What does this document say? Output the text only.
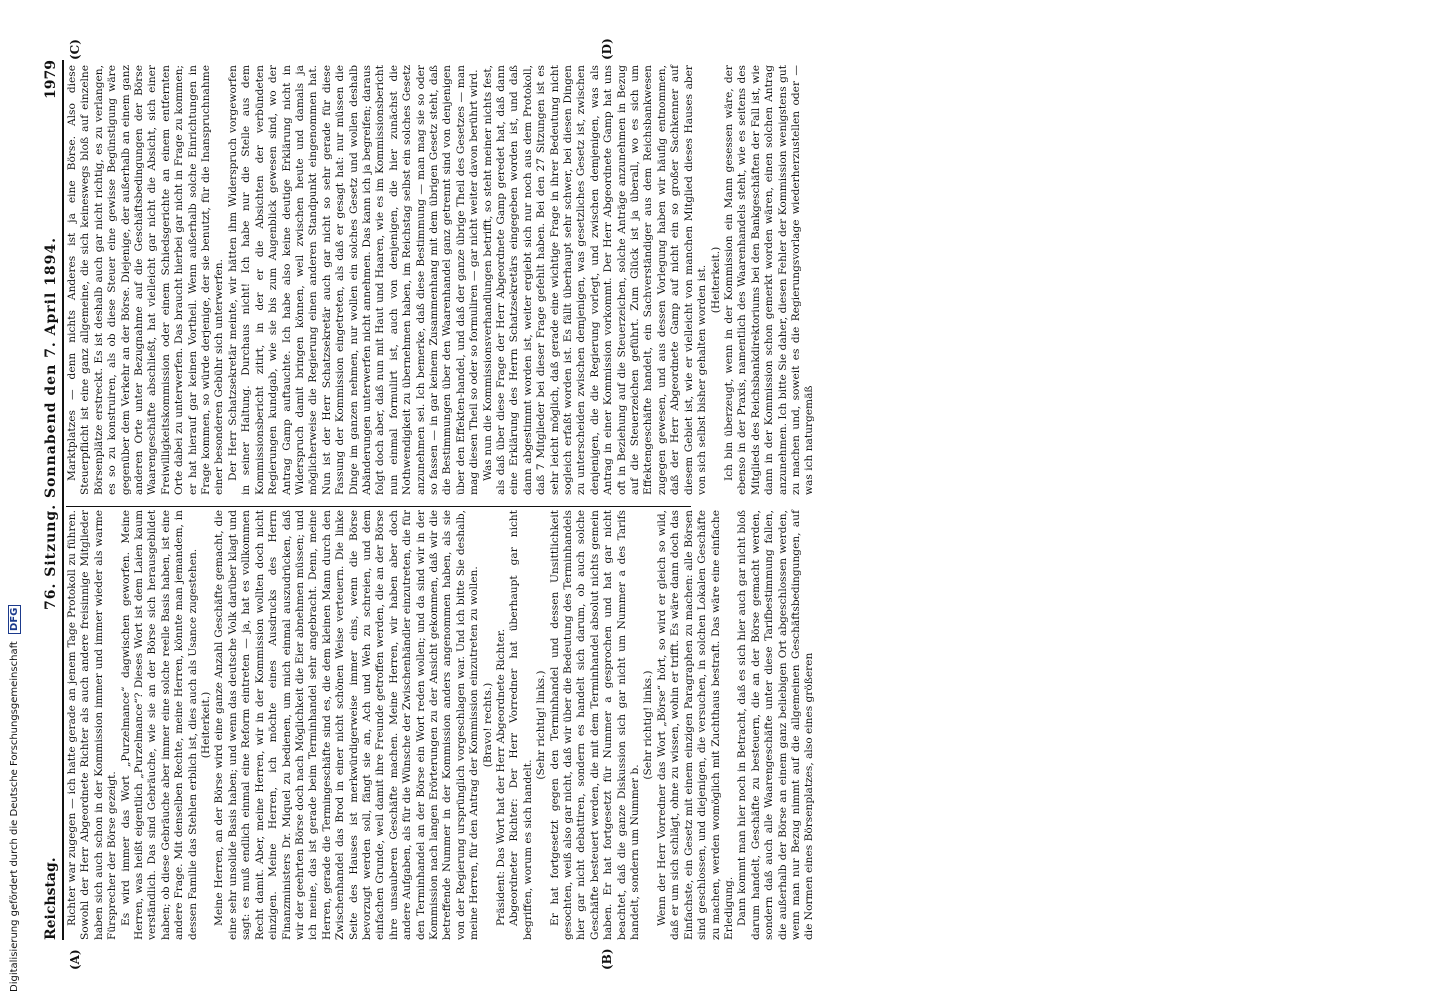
Reichstag.
76. Sitzung. Sonnabend den 7. April 1894.
1979
(A)	(B)
(C)	(D)

Richter war zugegen — ich hatte gerade an jenem Tage Protokoll zu führen. Sowohl der Herr Abgeordnete Richter als auch andere freisinnige Mitglieder haben sich auch schon in der Kommission immer und immer wieder als warme Fürsprecher der Börse gezeigt. Es wird immer das Wort „Purzelmance“ dagwischen geworfen. Meine Herren, was heißt eigentlich „Purzelmance“? Dieses Wort ist dem Laien kaum verständlich. Das sind Gebräuche, wie sie an der Börse sich herausgebildet haben; ob diese Gebräuche aber immer eine solche reelle Basis haben, ist eine andere Frage. Mit denselben Rechte, meine Herren, könnte man jemandem, in dessen Familie das Stehlen erblich ist, dies auch als Usance zugestehen. (Heiterkeit.) Meine Herren, an der Börse wird eine ganze Anzahl Geschäfte gemacht, die eine sehr unsolide Basis haben; und wenn das deutsche Volk darüber klagt und sagt: es muß endlich einmal eine Reform eintreten — ja, hat es vollkommen Recht damit. Aber, meine Herren, wir in der Kommission wollten doch nicht einzigen. Meine Herren, ich möchte eines Ausdrucks des Herrn Finanzministers Dr. Miquel zu bedienen, um mich einmal auszudrücken, daß wir der geehrten Börse doch nach Möglichkeit die Eier abnehmen müssen; und ich meine, das ist gerade beim Terminhandel sehr angebracht. Denn, meine Herren, gerade die Termingeschäfte sind es, die dem kleinen Mann durch den Zwischenhandel das Brod in einer nicht schönen Weise verteuern. Die linke Seite des Hauses ist merkwürdigerweise immer eins, wenn die Börse bevorzugt werden soll, fängt sie an, Ach und Weh zu schreien, und dem einfachen Grunde, weil damit ihre Freunde getroffen werden, die an der Börse ihre unsauberen Geschäfte machen. Meine Herren, wir haben aber doch andere Aufgaben, als für die Wünsche der Zwischenhändler einzutreten, die für den Terminhandel an der Börse ein Wort reden wollen; und da sind wir in der Kommission nach langen Erörterungen zu der Ansicht gekommen, daß wir die betreffende Nummer in der Kommission anders angenommen haben, als sie von der Regierung ursprünglich vorgeschlagen war. Und ich bitte Sie deshalb, meine Herren, für den Antrag der Kommission einzutreten zu wollen. (Bravo! rechts.) Präsident: Das Wort hat der Herr Abgeordnete Richter. Abgeordneter Richter: Der Herr Vorredner hat überhaupt gar nicht begriffen, worum es sich handelt.

(Sehr richtig! links.) Er hat fortgesetzt gegen den Terminhandel und dessen Unsittlichkeit gesochten, weiß also gar nicht, daß wir über die Bedeutung des Terminhandels hier gar nicht debattiren, sondern es handelt sich darum, ob auch solche Geschäfte besteuert werden, die mit dem Terminhandel absolut nichts gemein haben. Er hat fortgesetzt für Nummer a gesprochen und hat gar nicht beachtet, daß die ganze Diskussion sich gar nicht um Nummer a des Tarifs handelt, sondern um Nummer b.

(Sehr richtig! links.) Wenn der Herr Vorredner das Wort „Börse“ hört, so wird er gleich so wild, daß er um sich schlägt, ohne zu wissen, wohin er trifft. Es wäre dann doch das Einfachste, ein Gesetz mit einem einzigen Paragraphen zu machen: alle Börsen sind geschlossen, und diejenigen, die versuchen, in solchen Lokalen Geschäfte zu machen, werden womöglich mit Zuchthaus bestraft. Das wäre eine einfache Erledigung. Dann kommt man hier noch in Betracht, daß es sich hier auch gar nicht bloß darum handelt, Geschäfte zu besteuern, die an der Börse gemacht werden, sondern daß auch alle Waarengeschäfte unter diese Tarifbestimmung fallen, die außerhalb der Börse an einem ganz beliebigen Ort abgeschlossen werden, wenn man nur Bezug nimmt auf die allgemeinen Geschäftsbedingungen, auf die Normen eines Börsenplatzes, also eines größeren

Marktplatzes — denn nichts Anderes ist ja eine Börse. Also diese Steuerpflicht ist eine ganz allgemeine, die sich keineswegs bloß auf einzelne Börsenplätze erstreckt. Es ist deshalb auch gar nicht richtig, es zu verlangen, es so zu konstruiren, als ob diese Steuer eine gewisse Begünstigung wäre gegenüber dem Verkehr an der Börse. Diejenige, der außerhalb an einem ganz anderen Orte unter Bezugnahme auf die Geschäftsbedingungen der Börse Waarengeschäfte abschließt, hat vielleicht gar nicht die Absicht, sich einer Freiwilligkeitskommission oder einem Schiedsgerichte an einem entfernten Orte dabei zu unterwerfen. Das braucht hierbei gar nicht in Frage zu kommen; er hat hierauf gar keinen Vortheil. Wenn außerhalb solche Einrichtungen in Frage kommen, so würde derjenige, der sie benutzt, für die Inanspruchnahme einer besonderen Gebühr sich unterwerfen. Der Herr Schatzsekretär meinte, wir hätten ihm Widerspruch vorgeworfen in seiner Haltung. Durchaus nicht! Ich habe nur die Stelle aus dem Kommissionsbericht zitirt, in der er die Absichten der verbündeten Regierungen kundgab, wie sie bis zum Augenblick gewesen sind, wo der Antrag Gamp auftauchte. Ich habe also keine deutige Erklärung nicht in Widerspruch damit bringen können, weil zwischen heute und damals ja möglicherweise die Regierung einen anderen Standpunkt eingenommen hat. Nun ist der Herr Schatzsekretär auch gar nicht so sehr gerade für diese Fassung der Kommission eingetreten, als daß er gesagt hat: nur müssen die Dinge im ganzen nehmen, nur wollen ein solches Gesetz und wollen deshalb Abänderungen unterwerfen nicht annehmen. Das kann ich ja begreifen; daraus folgt doch aber, daß nun mit Haut und Haaren, wie es im Kommissionsbericht nun einmal formulirt ist, auch von denjenigen, die hier zunächst die Nothwendigkeit zu übernehmen haben, im Reichstag selbst ein solches Gesetz anzunehmen sei. Ich bemerke, daß diese Bestimmung — man mag sie so oder so fassen — in gar keinem Zusammenhang mit dem übrigen Gesetz steht, daß die Bestimmungen über den Waarenhandel ganz getrennt sind von denjenigen über den Effekten-handel, und daß der ganze übrige Theil des Gesetzes — man mag diesen Theil so oder so formuliren — gar nicht weiter davon berührt wird. Was nun die Kommissionsverhandlungen betrifft, so steht meiner nichts fest, als daß über diese Frage der Herr Abgeordnete Gamp geredet hat, daß dann eine Erklärung des Herrn Schatzsekretärs eingegeben worden ist, und daß dann abgestimmt worden ist, weiter ergiebt sich nur noch aus dem Protokoll, daß 7 Mitglieder bei dieser Frage gefehlt haben. Bei den 27 Sitzungen ist es sehr leicht möglich, daß gerade eine wichtige Frage in ihrer Bedeutung nicht sogleich erfaßt worden ist. Es fällt überhaupt sehr schwer, bei diesen Dingen zu unterscheiden zwischen demjenigen, was gesetzliches Gesetz ist, zwischen denjenigen, die die Regierung vorlegt, und zwischen demjenigen, was als Antrag in einer Kommission vorkommt. Der Herr Abgeordnete Gamp hat uns oft in Beziehung auf die Steuerzeichen, solche Anträge anzunehmen in Bezug auf die Steuerzeichen geführt. Zum Glück ist ja überall, wo es sich um Effektengeschäfte handelt, ein Sachverständiger aus dem Reichsbankwesen zugegen gewesen, und aus dessen Vorlegung haben wir häufig entnommen, daß der Herr Abgeordnete Gamp auf nicht ein so großer Sachkenner auf diesem Gebiet ist, wie er vielleicht von manchen Mitglied dieses Hauses aber von sich selbst bisher gehalten worden ist. (Heiterkeit.) Ich bin überzeugt, wenn in der Kommission ein Mann gesessen wäre, der ebenso in der Praxis, namentlich des Waarenhandels steht, wie es seitens des Mitglieds des Reichsbankdirektoriums bei den Bankgeschäften der Fall ist, wie dann in der Kommission schon gemerkt worden wären, einen solchen Antrag anzunehmen. Ich bitte Sie daher, diesen Fehler der Kommission wenigstens gut zu machen und, soweit es die Regierungsvorlage wiederherzustellen oder — was ich naturgemäß

Digitalisierung gefördert durch die Deutsche Forschungsgemeinschaft DFG
